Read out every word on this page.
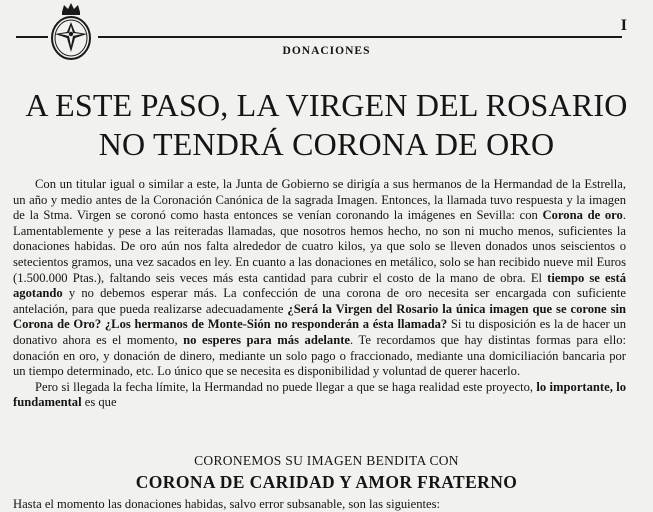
I
DONACIONES
A ESTE PASO, LA VIRGEN DEL ROSARIO
NO TENDRÁ CORONA DE ORO

Con un titular igual o similar a este, la Junta de Gobierno se dirigía a sus hermanos de la Hermandad de la Estrella, un año y medio antes de la Coronación Canónica de la sagrada Imagen. Entonces, la llamada tuvo respuesta y la imagen de la Stma. Virgen se coronó como hasta entonces se venían coronando la imágenes en Sevilla: con Corona de oro. Lamentablemente y pese a las reiteradas llamadas, que nosotros hemos hecho, no son ni mucho menos, suficientes la donaciones habidas. De oro aún nos falta alrededor de cuatro kilos, ya que solo se lleven donados unos seiscientos o setecientos gramos, una vez sacados en ley. En cuanto a las donaciones en metálico, solo se han recibido nueve mil Euros (1.500.000 Ptas.), faltando seis veces más esta cantidad para cubrir el costo de la mano de obra. El tiempo se está agotando y no debemos esperar más. La confección de una corona de oro necesita ser encargada con suficiente antelación, para que pueda realizarse adecuadamente ¿Será la Virgen del Rosario la única imagen que se corone sin Corona de Oro? ¿Los hermanos de Monte-Sión no responderán a ésta llamada? Si tu disposición es la de hacer un donativo ahora es el momento, no esperes para más adelante. Te recordamos que hay distintas formas para ello: donación en oro, y donación de dinero, mediante un solo pago o fraccionado, mediante una domiciliación bancaria por un tiempo determinado, etc. Lo único que se necesita es disponibilidad y voluntad de querer hacerlo.

Pero si llegada la fecha límite, la Hermandad no puede llegar a que se haga realidad este proyecto, lo importante, lo fundamental es que

CORONEMOS SU IMAGEN BENDITA CON
CORONA DE CARIDAD Y AMOR FRATERNO
Hasta el momento las donaciones habidas, salvo error subsanable, son las siguientes:
